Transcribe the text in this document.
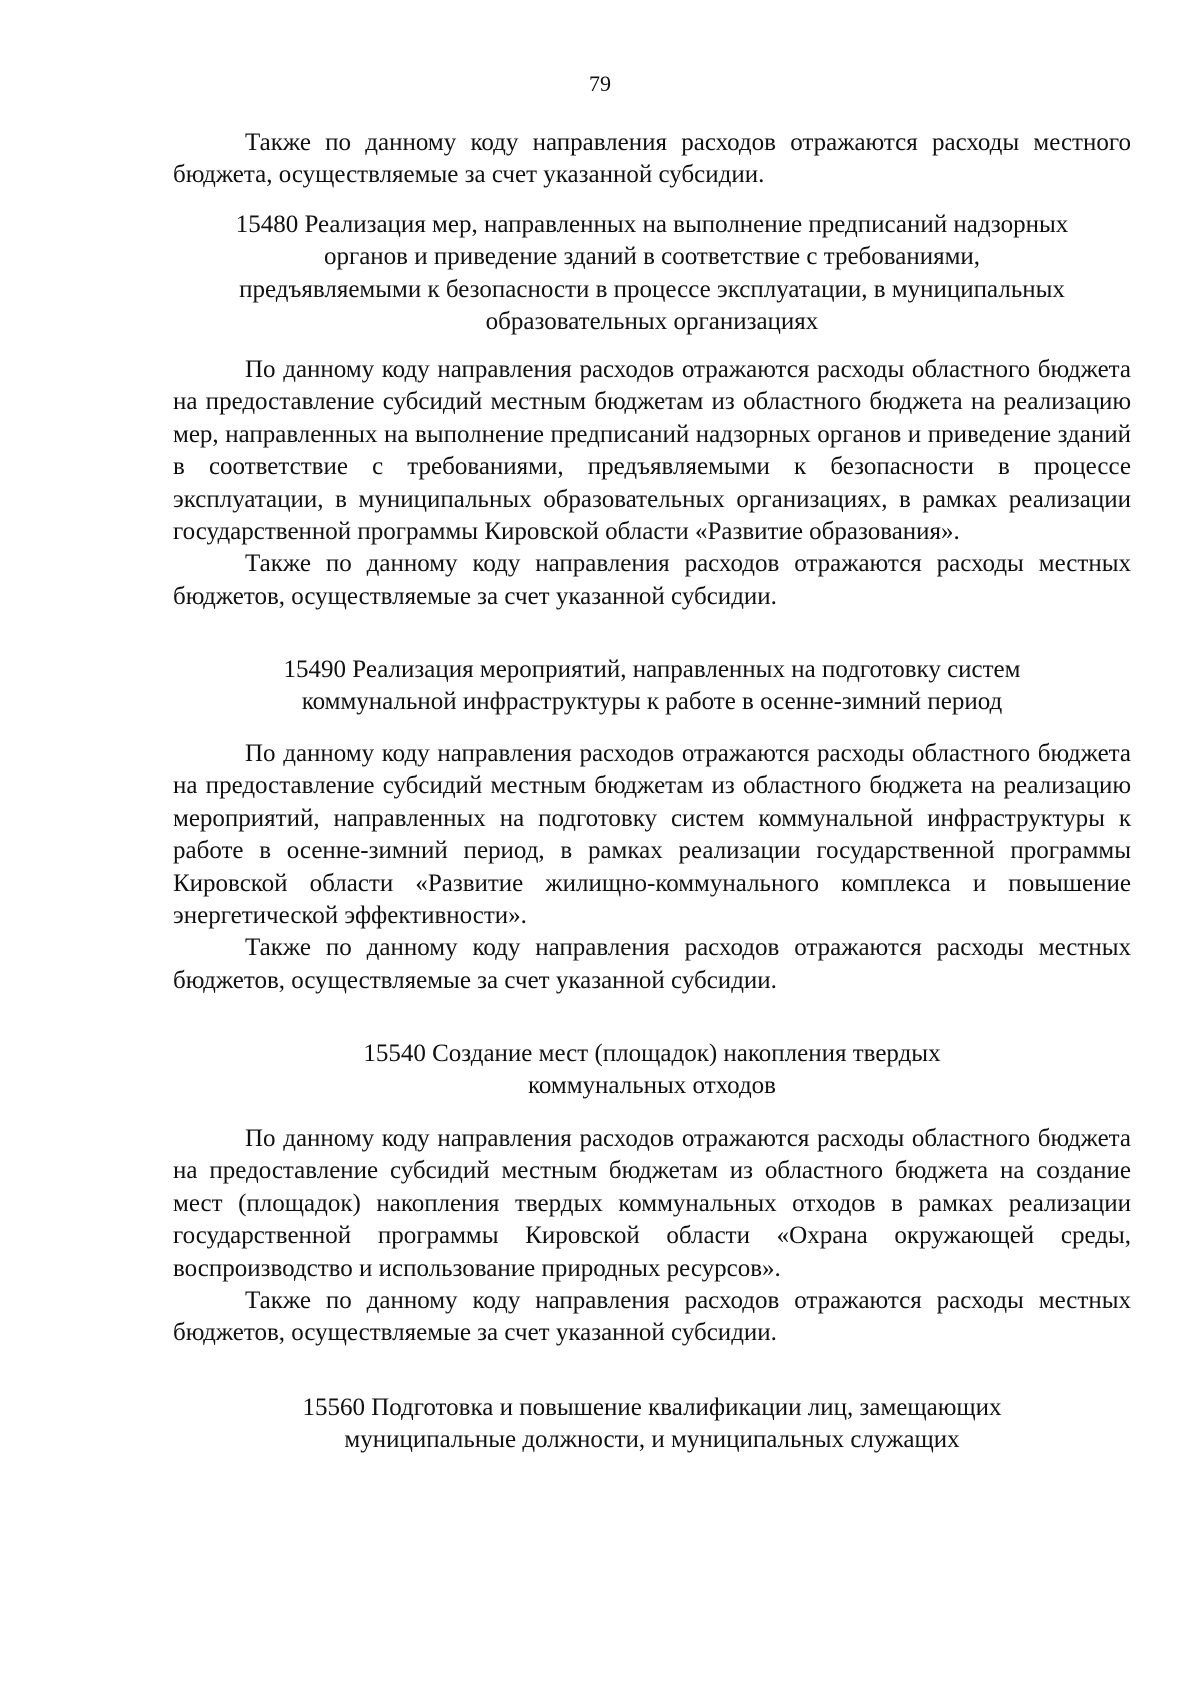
79

Также по данному коду направления расходов отражаются расходы местного бюджета, осуществляемые за счет указанной субсидии.

15480 Реализация мер, направленных на выполнение предписаний надзорных
органов и приведение зданий в соответствие с требованиями,
предъявляемыми к безопасности в процессе эксплуатации, в муниципальных
образовательных организациях

По данному коду направления расходов отражаются расходы областного бюджета на предоставление субсидий местным бюджетам из областного бюджета на реализацию мер, направленных на выполнение предписаний надзорных органов и приведение зданий в соответствие с требованиями, предъявляемыми к безопасности в процессе эксплуатации, в муниципальных образовательных организациях, в рамках реализации государственной программы Кировской области «Развитие образования».

Также по данному коду направления расходов отражаются расходы местных бюджетов, осуществляемые за счет указанной субсидии.

15490 Реализация мероприятий, направленных на подготовку систем
коммунальной инфраструктуры к работе в осенне-зимний период

По данному коду направления расходов отражаются расходы областного бюджета на предоставление субсидий местным бюджетам из областного бюджета на реализацию мероприятий, направленных на подготовку систем коммунальной инфраструктуры к работе в осенне-зимний период, в рамках реализации государственной программы Кировской области «Развитие жилищно-коммунального комплекса и повышение энергетической эффективности».

Также по данному коду направления расходов отражаются расходы местных бюджетов, осуществляемые за счет указанной субсидии.

15540 Создание мест (площадок) накопления твердых
коммунальных отходов

По данному коду направления расходов отражаются расходы областного бюджета на предоставление субсидий местным бюджетам из областного бюджета на создание мест (площадок) накопления твердых коммунальных отходов в рамках реализации государственной программы Кировской области «Охрана окружающей среды, воспроизводство и использование природных ресурсов».

Также по данному коду направления расходов отражаются расходы местных бюджетов, осуществляемые за счет указанной субсидии.

15560 Подготовка и повышение квалификации лиц, замещающих
муниципальные должности, и муниципальных служащих
